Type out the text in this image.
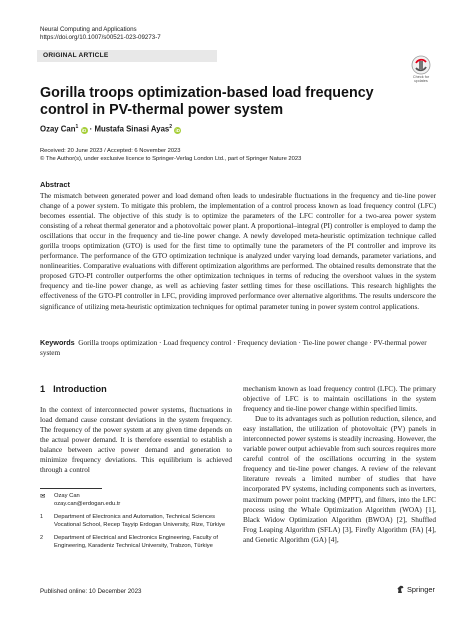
Neural Computing and Applications
https://doi.org/10.1007/s00521-023-09273-7
ORIGINAL ARTICLE
Check for
updates
Gorilla troops optimization-based load frequency control in PV-thermal power system
Ozay Can$^1$ iD · Mustafa Sinasi Ayas$^2$ iD
Received: 20 June 2023 / Accepted: 6 November 2023
© The Author(s), under exclusive licence to Springer-Verlag London Ltd., part of Springer Nature 2023
Abstract

The mismatch between generated power and load demand often leads to undesirable fluctuations in the frequency and tie-line power change of a power system. To mitigate this problem, the implementation of a control process known as load frequency control (LFC) becomes essential. The objective of this study is to optimize the parameters of the LFC controller for a two-area power system consisting of a reheat thermal generator and a photovoltaic power plant. A proportional–integral (PI) controller is employed to damp the oscillations that occur in the frequency and tie-line power change. A newly developed meta-heuristic optimization technique called gorilla troops optimization (GTO) is used for the first time to optimally tune the parameters of the PI controller and improve its performance. The performance of the GTO optimization technique is analyzed under varying load demands, parameter variations, and nonlinearities. Comparative evaluations with different optimization algorithms are performed. The obtained results demonstrate that the proposed GTO-PI controller outperforms the other optimization techniques in terms of reducing the overshoot values in the system frequency and tie-line power change, as well as achieving faster settling times for these oscillations. This research highlights the effectiveness of the GTO-PI controller in LFC, providing improved performance over alternative algorithms. The results underscore the significance of utilizing meta-heuristic optimization techniques for optimal parameter tuning in power system control applications.

Keywords Gorilla troops optimization · Load frequency control · Frequency deviation · Tie-line power change · PV-thermal power system
1 Introduction

In the context of interconnected power systems, fluctuations in load demand cause constant deviations in the system frequency. The frequency of the power system at any given time depends on the actual power demand. It is therefore essential to establish a balance between active power demand and generation to minimize frequency deviations. This equilibrium is achieved through a control

mechanism known as load frequency control (LFC). The primary objective of LFC is to maintain oscillations in the system frequency and tie-line power change within specified limits.

Due to its advantages such as pollution reduction, silence, and easy installation, the utilization of photovoltaic (PV) panels in interconnected power systems is steadily increasing. However, the variable power output achievable from such sources requires more careful control of the oscillations occurring in the system frequency and tie-line power changes. A review of the relevant literature reveals a limited number of studies that have incorporated PV systems, including components such as inverters, maximum power point tracking (MPPT), and filters, into the LFC process using the Whale Optimization Algorithm (WOA) [1], Black Widow Optimization Algorithm (BWOA) [2], Shuffled Frog Leaping Algorithm (SFLA) [3], Firefly Algorithm (FA) [4], and Genetic Algorithm (GA) [4],

✉	Ozay Can
ozay.can@erdogan.edu.tr
1	Department of Electronics and Automation, Technical Sciences Vocational School, Recep Tayyip Erdogan University, Rize, Türkiye
2	Department of Electrical and Electronics Engineering, Faculty of Engineering, Karadeniz Technical University, Trabzon, Türkiye
Published online: 10 December 2023	Springer
